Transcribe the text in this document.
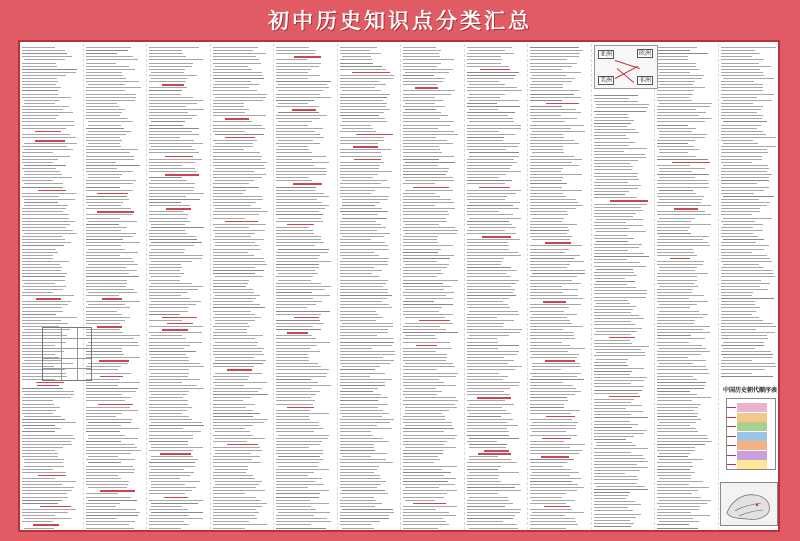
初中历史知识点分类汇总
亚洲	欧洲
美洲	非洲
中国历史朝代顺序表
